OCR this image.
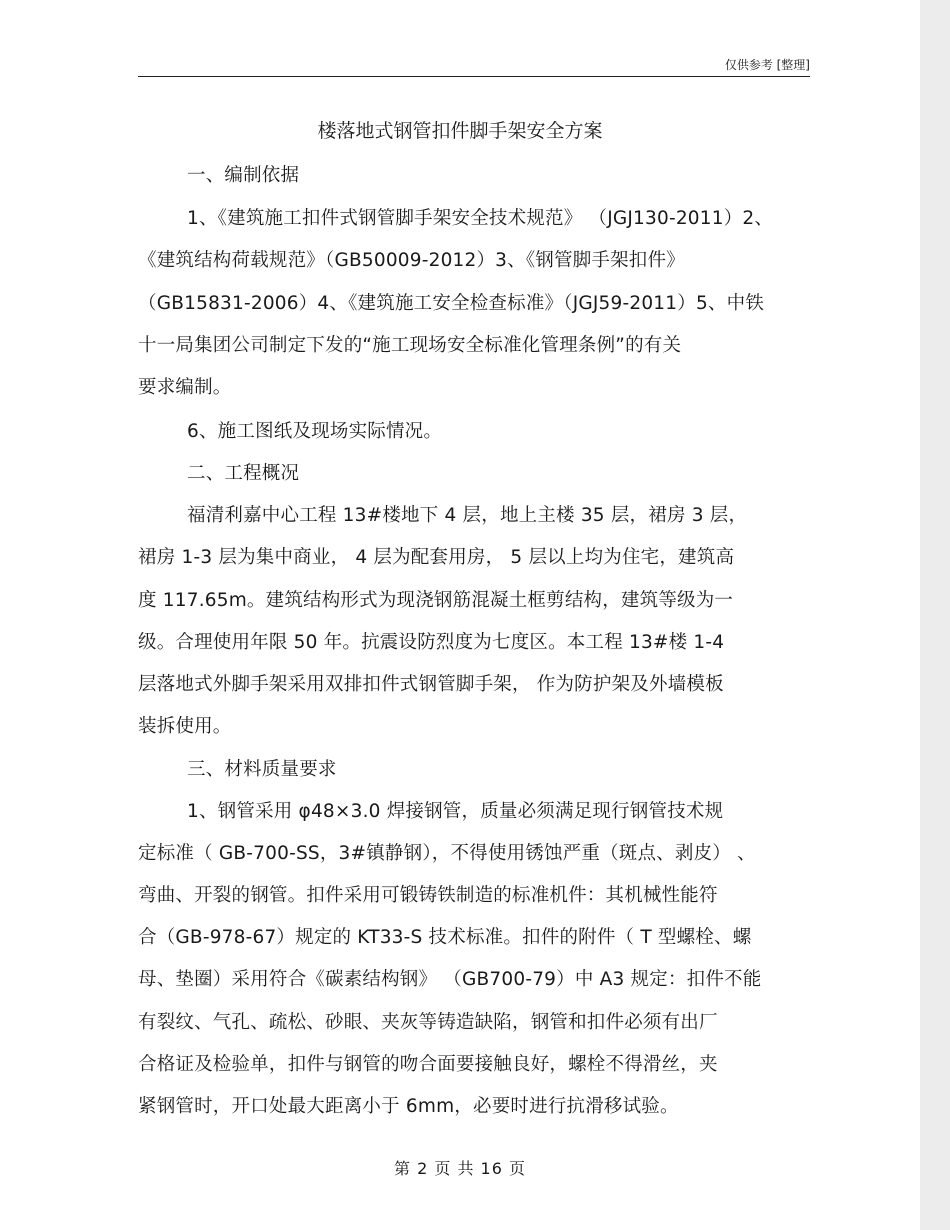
仅供参考 [整理]
楼落地式钢管扣件脚手架安全方案
一、编制依据
1、《建筑施工扣件式钢管脚手架安全技术规范》 （JGJ130-2011）2、
《建筑结构荷载规范》（GB50009-2012）3、《钢管脚手架扣件》
（GB15831-2006）4、《建筑施工安全检查标准》（JGJ59-2011）5、中铁
十一局集团公司制定下发的“施工现场安全标准化管理条例”的有关
要求编制。
6、施工图纸及现场实际情况。
二、工程概况
福清利嘉中心工程 13#楼地下 4 层，地上主楼 35 层，裙房 3 层，
裙房 1-3 层为集中商业， 4 层为配套用房， 5 层以上均为住宅，建筑高
度 117.65m。建筑结构形式为现浇钢筋混凝土框剪结构，建筑等级为一
级。合理使用年限 50 年。抗震设防烈度为七度区。本工程 13#楼 1-4
层落地式外脚手架采用双排扣件式钢管脚手架， 作为防护架及外墙模板
装拆使用。
三、材料质量要求
1、钢管采用 φ48×3.0 焊接钢管，质量必须满足现行钢管技术规
定标准（ GB-700-SS，3#镇静钢），不得使用锈蚀严重（斑点、剥皮） 、
弯曲、开裂的钢管。扣件采用可锻铸铁制造的标准机件：其机械性能符
合（GB-978-67）规定的 KT33-S 技术标准。扣件的附件（ T 型螺栓、螺
母、垫圈）采用符合《碳素结构钢》 （GB700-79）中 A3 规定：扣件不能
有裂纹、气孔、疏松、砂眼、夹灰等铸造缺陷，钢管和扣件必须有出厂
合格证及检验单，扣件与钢管的吻合面要接触良好，螺栓不得滑丝，夹
紧钢管时，开口处最大距离小于 6mm，必要时进行抗滑移试验。
第 2 页 共 16 页
